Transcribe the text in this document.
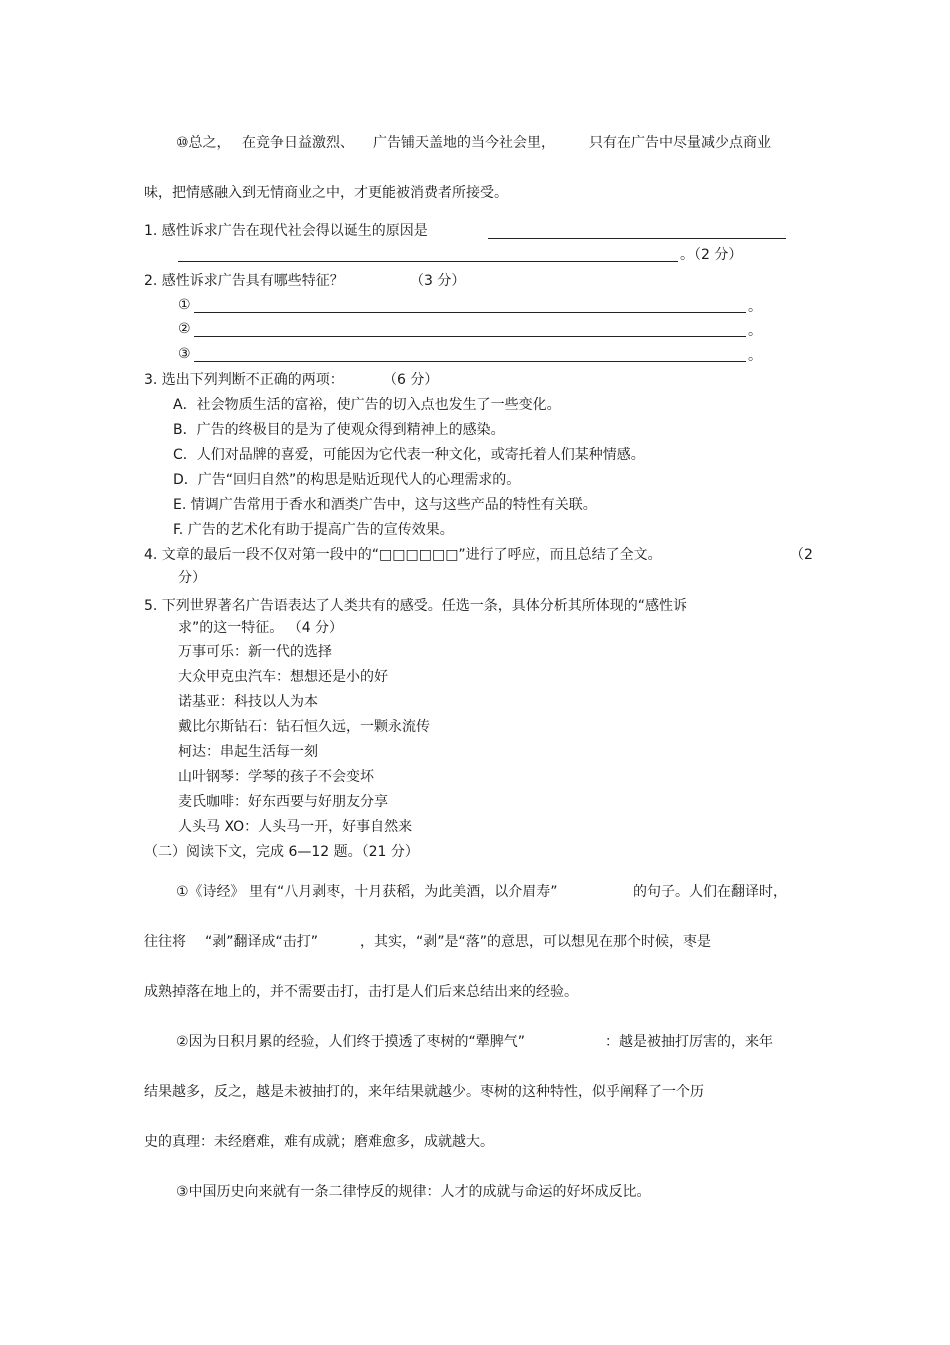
⑩总之， 在竞争日益激烈、 广告铺天盖地的当今社会里， 只有在广告中尽量减少点商业
味，把情感融入到无情商业之中，才更能被消费者所接受。
1. 感性诉求广告在现代社会得以诞生的原因是
。（2 分）
2. 感性诉求广告具有哪些特征？	（3 分）
①	。
②	。
③	。
3. 选出下列判断不正确的两项：	（6 分）
A．社会物质生活的富裕，使广告的切入点也发生了一些变化。
B．广告的终极目的是为了使观众得到精神上的感染。
C．人们对品牌的喜爱，可能因为它代表一种文化，或寄托着人们某种情感。
D．广告“回归自然”的构思是贴近现代人的心理需求的。
E. 情调广告常用于香水和酒类广告中，这与这些产品的特性有关联。
F. 广告的艺术化有助于提高广告的宣传效果。
4. 文章的最后一段不仅对第一段中的“□□□□□□”进行了呼应，而且总结了全文。	（2
分）
5. 下列世界著名广告语表达了人类共有的感受。任选一条，具体分析其所体现的“感性诉
求”的这一特征。 （4 分）
万事可乐：新一代的选择
大众甲克虫汽车：想想还是小的好
诺基亚：科技以人为本
戴比尔斯钻石：钻石恒久远，一颗永流传
柯达：串起生活每一刻
山叶钢琴：学琴的孩子不会变坏
麦氏咖啡：好东西要与好朋友分享
人头马 XO：人头马一开，好事自然来
（二）阅读下文，完成 6—12 题。（21 分）
①《诗经》 里有“八月剥枣，十月获稻，为此美酒，以介眉寿”	的句子。人们在翻译时，
往往将 “剥”翻译成“击打”	，其实，“剥”是“落”的意思，可以想见在那个时候，枣是
成熟掉落在地上的，并不需要击打，击打是人们后来总结出来的经验。
②因为日积月累的经验，人们终于摸透了枣树的“犟脾气”	：越是被抽打厉害的，来年
结果越多，反之，越是未被抽打的，来年结果就越少。枣树的这种特性，似乎阐释了一个历
史的真理：未经磨难，难有成就；磨难愈多，成就越大。
③中国历史向来就有一条二律悖反的规律：人才的成就与命运的好坏成反比。
